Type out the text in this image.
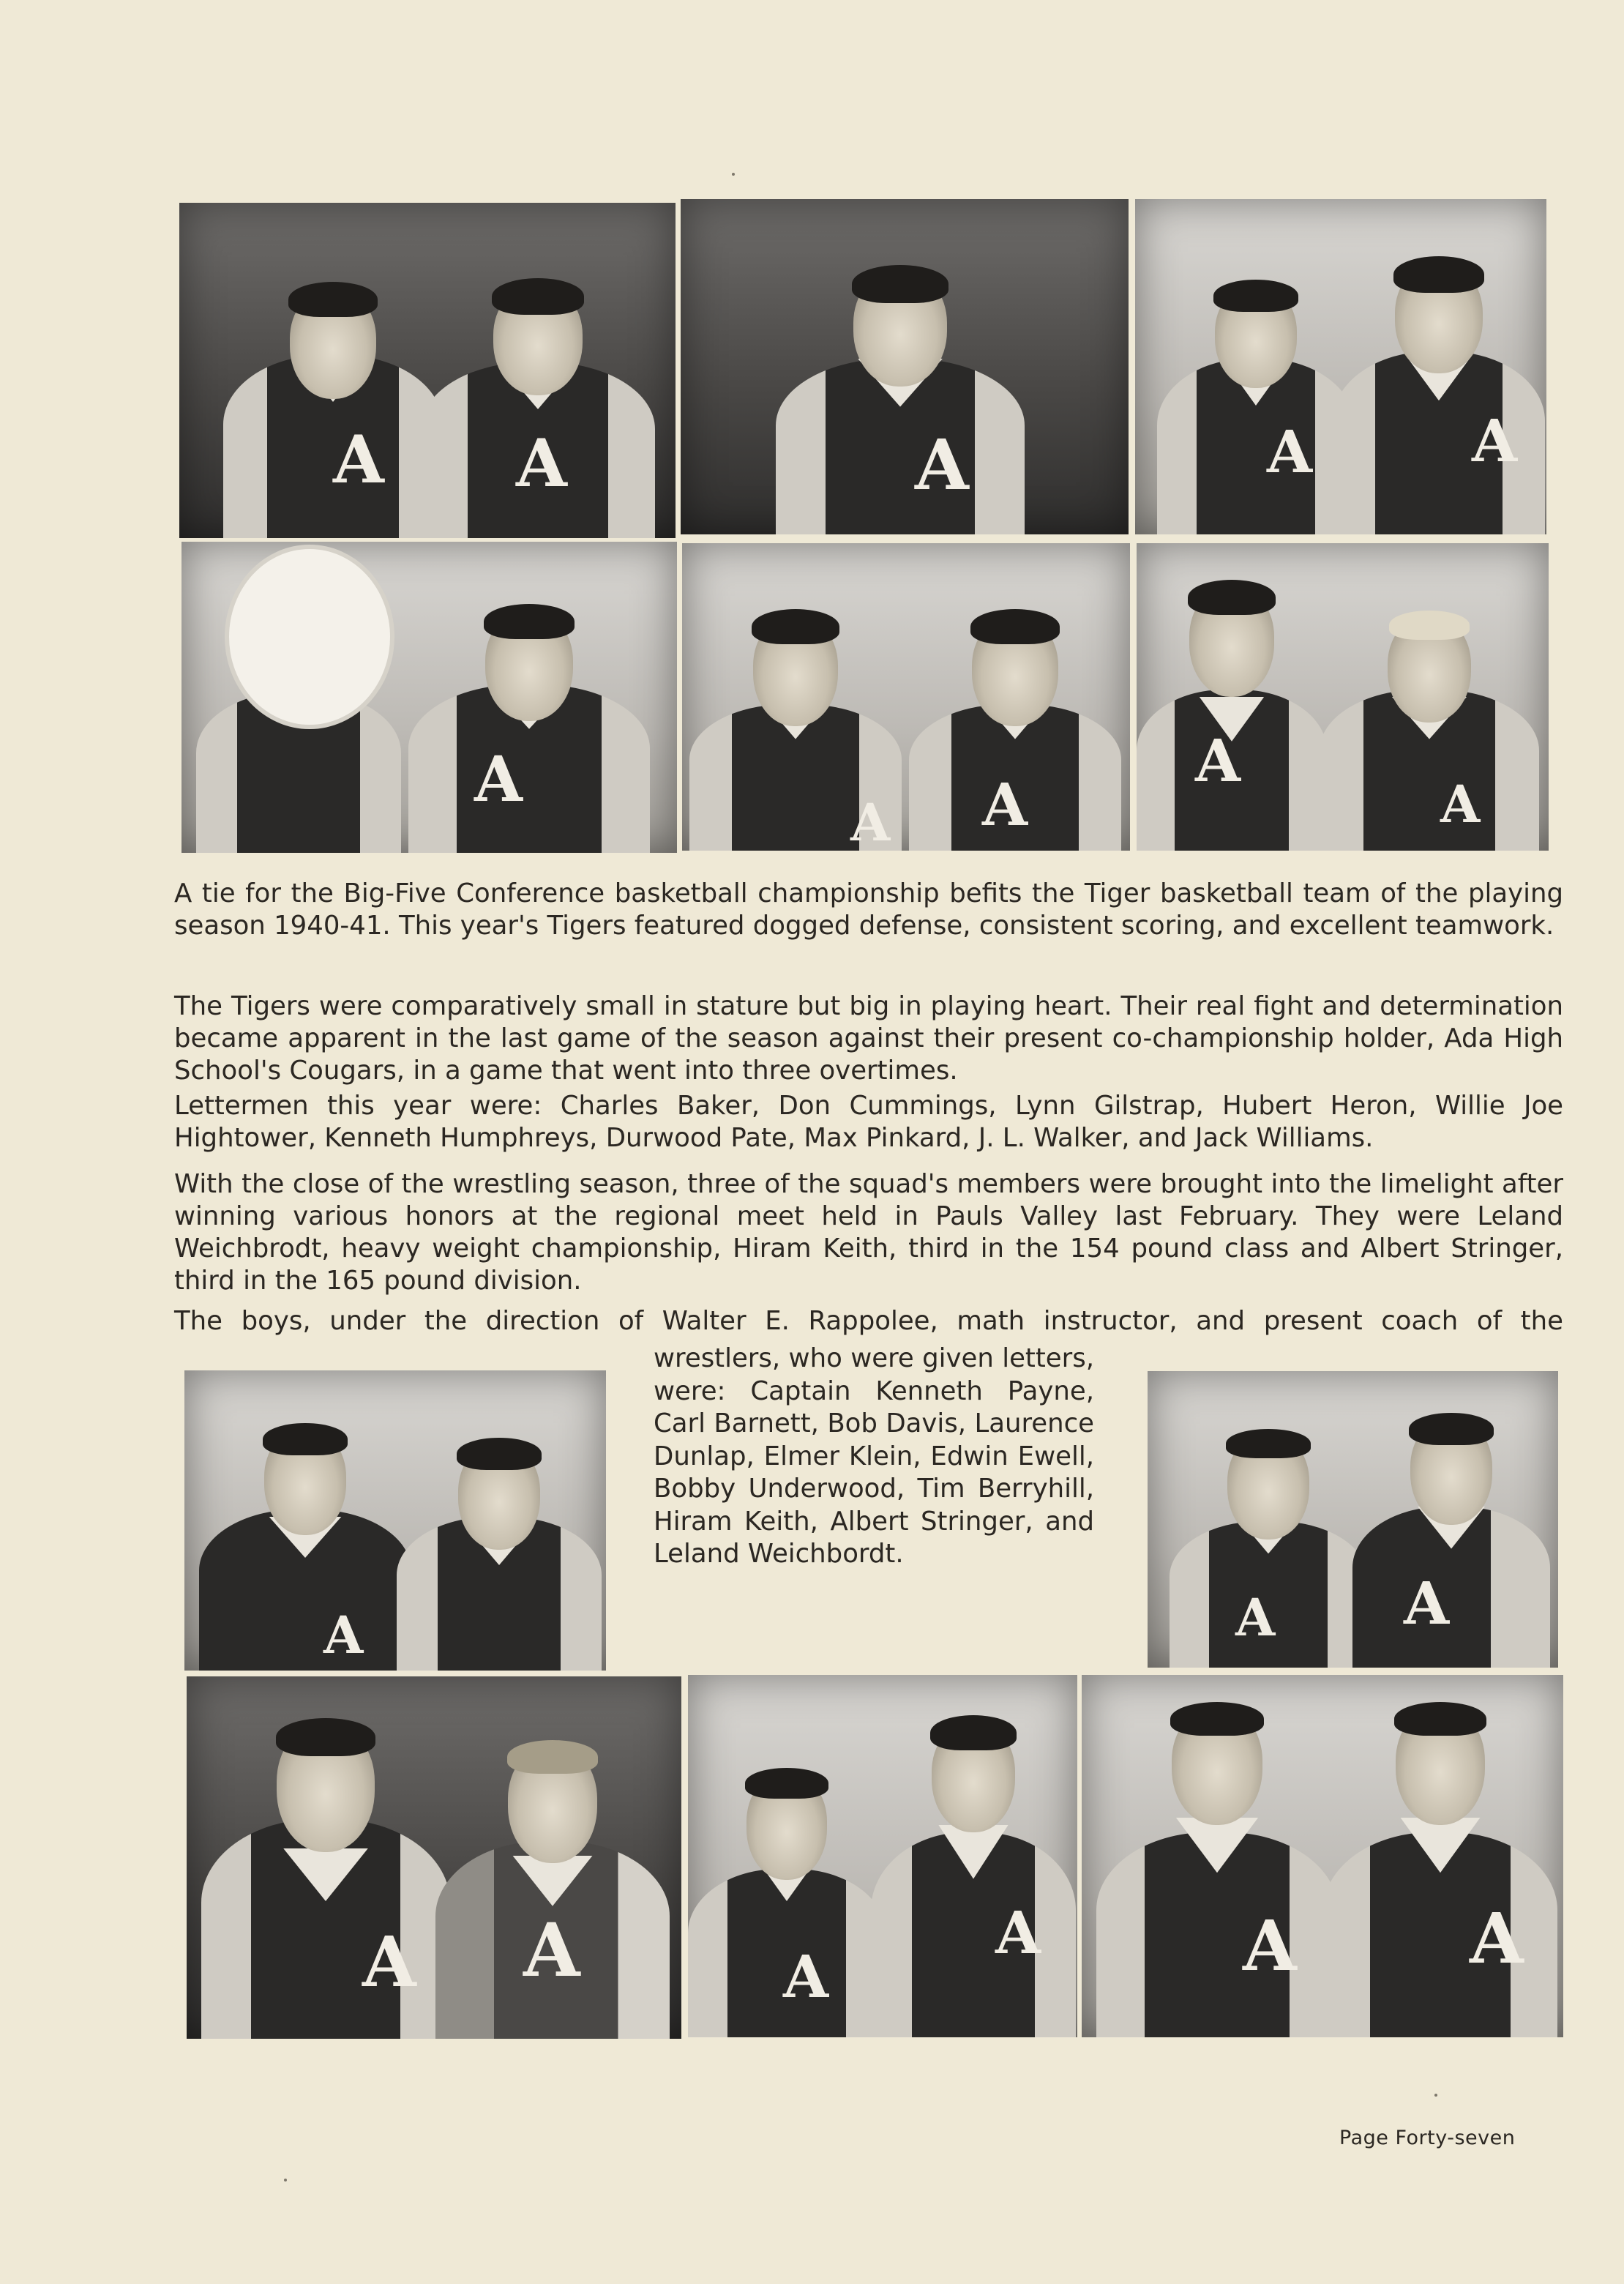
A A	A	A	A
A
A A
A
A

A tie for the Big-Five Conference basketball championship befits the Tiger basketball team of the playing season 1940-41. This year's Tigers featured dogged defense, consistent scoring, and excellent teamwork.

The Tigers were comparatively small in stature but big in playing heart. Their real fight and determination became apparent in the last game of the season against their present co-championship holder, Ada High School's Cougars, in a game that went into three overtimes.

Lettermen this year were: Charles Baker, Don Cummings, Lynn Gilstrap, Hubert Heron, Willie Joe Hightower, Kenneth Humphreys, Durwood Pate, Max Pinkard, J. L. Walker, and Jack Williams.

With the close of the wrestling season, three of the squad's members were brought into the limelight after winning various honors at the regional meet held in Pauls Valley last February. They were Leland Weichbrodt, heavy weight championship, Hiram Keith, third in the 154 pound class and Albert Stringer, third in the 165 pound division.

The boys, under the direction of Walter E. Rappolee, math instructor, and present coach of the

wrestlers, who were given letters, were: Captain Kenneth Payne, Carl Barnett, Bob Davis, Laurence Dunlap, Elmer Klein, Edwin Ewell, Bobby Underwood, Tim Berryhill, Hiram Keith, Albert Stringer, and Leland Weichbordt.

A	A A
A A	A
A	A A
Page Forty-seven
